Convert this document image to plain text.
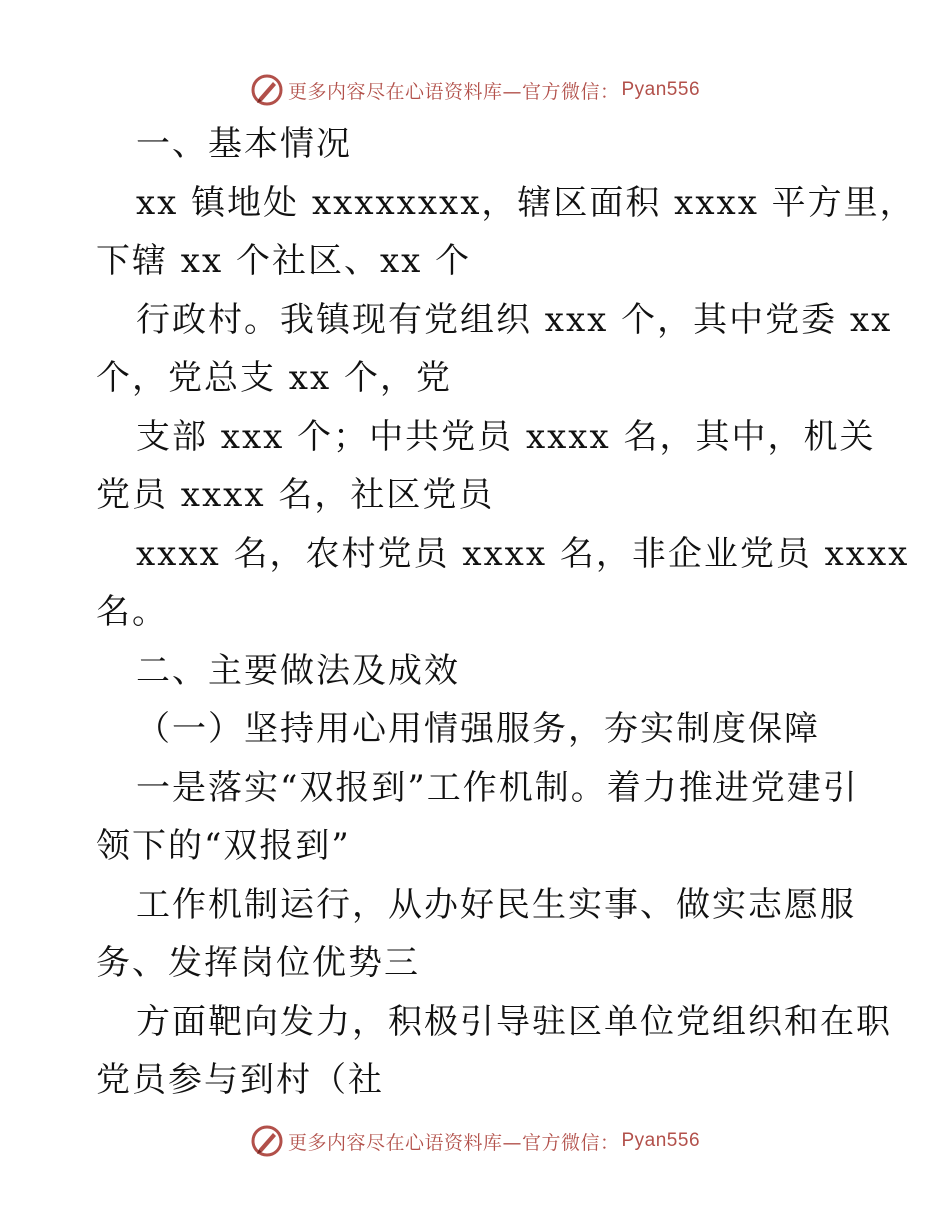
更多内容尽在心语资料库—官方微信： Pyan556
一、基本情况
xx 镇地处 xxxxxxxx，辖区面积 xxxx 平方里，
下辖 xx 个社区、xx 个
行政村。我镇现有党组织 xxx 个，其中党委 xx
个，党总支 xx 个，党
支部 xxx 个；中共党员 xxxx 名，其中，机关
党员 xxxx 名，社区党员
xxxx 名，农村党员 xxxx 名，非企业党员 xxxx
名。
二、主要做法及成效
（一）坚持用心用情强服务，夯实制度保障
一是落实“双报到”工作机制。着力推进党建引
领下的“双报到”
工作机制运行，从办好民生实事、做实志愿服
务、发挥岗位优势三
方面靶向发力，积极引导驻区单位党组织和在职
党员参与到村（社
更多内容尽在心语资料库—官方微信： Pyan556
